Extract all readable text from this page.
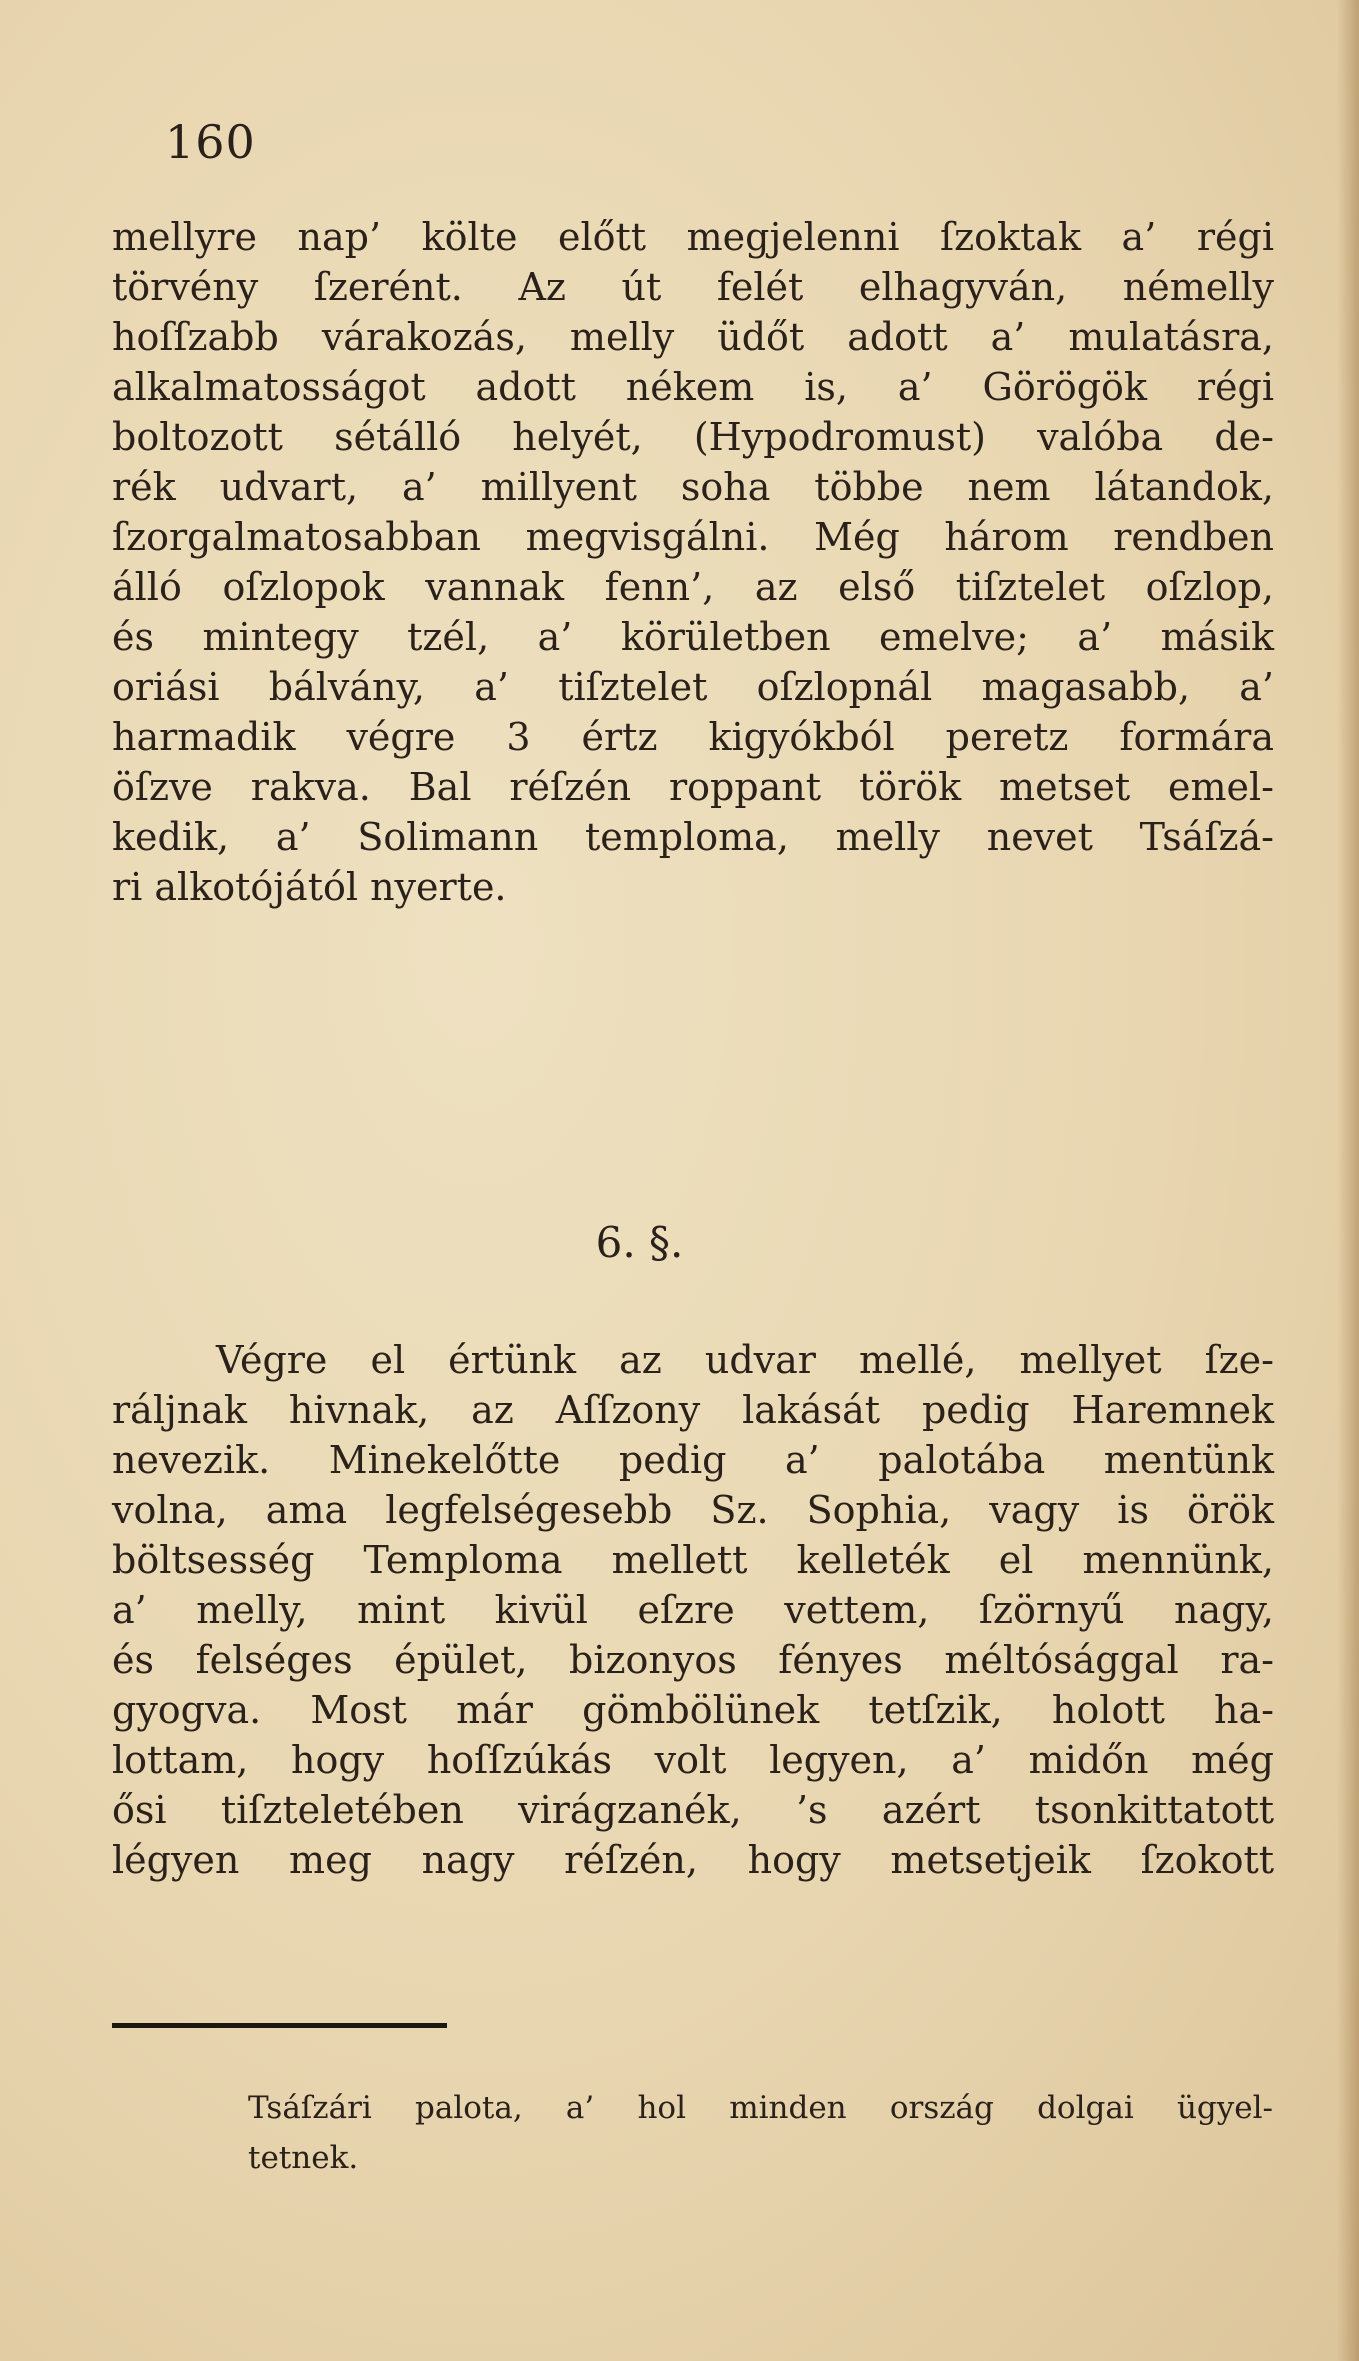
160
mellyre nap’ költe előtt megjelenni ſzoktak a’ régi
törvény ſzerént. Az út felét elhagyván, némelly
hoſſzabb várakozás, melly üdőt adott a’ mulatásra,
alkalmatosságot adott nékem is, a’ Görögök régi
boltozott sétálló helyét, (Hypodromust) valóba de-
rék udvart, a’ millyent soha többe nem látandok,
ſzorgalmatosabban megvisgálni. Még három rendben
álló oſzlopok vannak fenn’, az első tiſztelet oſzlop,
és mintegy tzél, a’ körületben emelve; a’ másik
oriási bálvány, a’ tiſztelet oſzlopnál magasabb, a’
harmadik végre 3 értz kigyókból peretz formára
öſzve rakva. Bal réſzén roppant török metset emel-
kedik, a’ Solimann temploma, melly nevet Tsáſzá-
ri alkotójától nyerte.
6. §.
Végre el értünk az udvar mellé, mellyet ſze-
ráljnak hivnak, az Aſſzony lakását pedig Haremnek
nevezik. Minekelőtte pedig a’ palotába mentünk
volna, ama legfelségesebb Sz. Sophia, vagy is örök
böltsesség Temploma mellett kelleték el mennünk,
a’ melly, mint kivül eſzre vettem, ſzörnyű nagy,
és felséges épület, bizonyos fényes méltósággal ra-
gyogva. Most már gömbölünek tetſzik, holott ha-
lottam, hogy hoſſzúkás volt legyen, a’ midőn még
ősi tiſzteletében virágzanék, ’s azért tsonkittatott
légyen meg nagy réſzén, hogy metsetjeik ſzokott
Tsáſzári palota, a’ hol minden ország dolgai ügyel-
tetnek.
